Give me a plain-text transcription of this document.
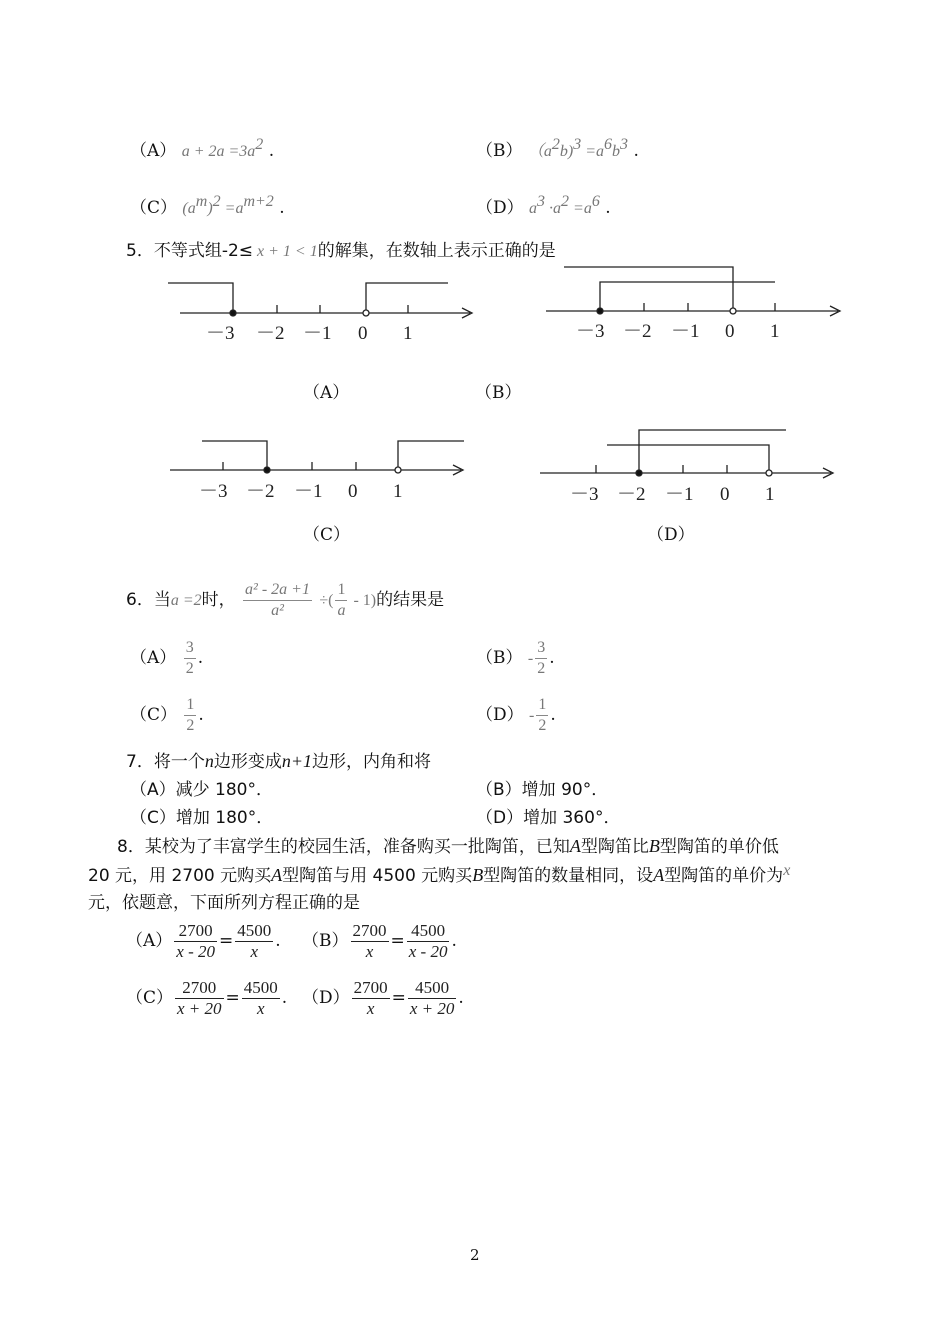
（A） $a + 2a =3a^2$ .	（B） $(a^2b)^3 =a^6b^3$ .
（C） $(a^m)^2 =a^{m+2}$ .	（D） $a^3 \cdot a^2 =a^6$ .
5．不等式组-2≤ x + 1 < 1的解集，在数轴上表示正确的是
－3 －2 －1 0 1	－3 －2 －1 0 1
－3 －2 －1 0 1	－3 －2 －1 0 1
（A）	（B）
（C）	（D）
6．当a =2时， $\frac{\text{a² - 2a +1}}{\text{a²}}$ ÷( $\frac{1}{a} - 1$)的结果是
$(A) \frac{3}{2}$ .	$(B) - \frac{3}{2}$ .
$(C) \frac{1}{2}$ .	$(D) - \frac{1}{2}$ .
7．将一个n边形变成n+1边形，内角和将
（A）减少 180°．	（B）增加 90°．
（C）增加 180°．	（D）增加 360°．
8．某校为了丰富学生的校园生活，准备购买一批陶笛，已知A型陶笛比B型陶笛的单价低
20 元，用 2700 元购买A型陶笛与用 4500 元购买B型陶笛的数量相同，设A型陶笛的单价为x
元，依题意，下面所列方程正确的是
$(A) \frac{2700}{x - 20} = \frac{4500}{x}$ . $(B) \frac{2700}{x} = \frac{4500}{x - 20}$ .
$(C) \frac{2700}{x + 20} = \frac{4500}{x}$ . $(D) \frac{2700}{x} = \frac{4500}{x + 20}$ .
2
